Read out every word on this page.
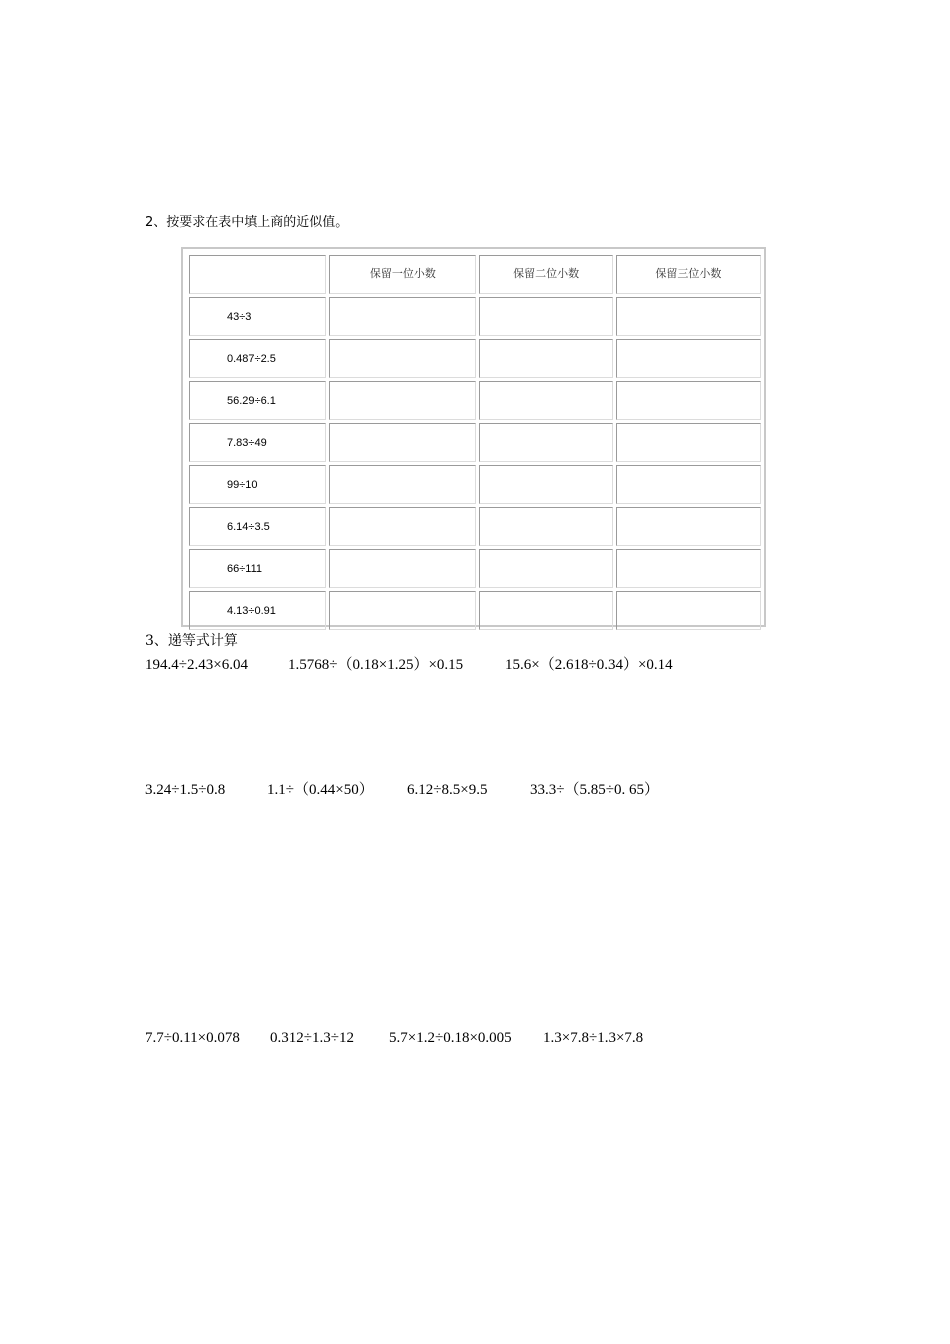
2、按要求在表中填上商的近似值。
	保留一位小数	保留二位小数	保留三位小数
43÷3			
0.487÷2.5			
56.29÷6.1			
7.83÷49			
99÷10			
6.14÷3.5			
66÷111			
4.13÷0.91			
3、递等式计算
194.4÷2.43×6.04	1.5768÷（0.18×1.25）×0.15	15.6×（2.618÷0.34）×0.14
3.24÷1.5÷0.8	1.1÷（0.44×50） 6.12÷8.5×9.5	33.3÷（5.85÷0. 65）
7.7÷0.11×0.078 0.312÷1.3÷12 5.7×1.2÷0.18×0.005 1.3×7.8÷1.3×7.8
